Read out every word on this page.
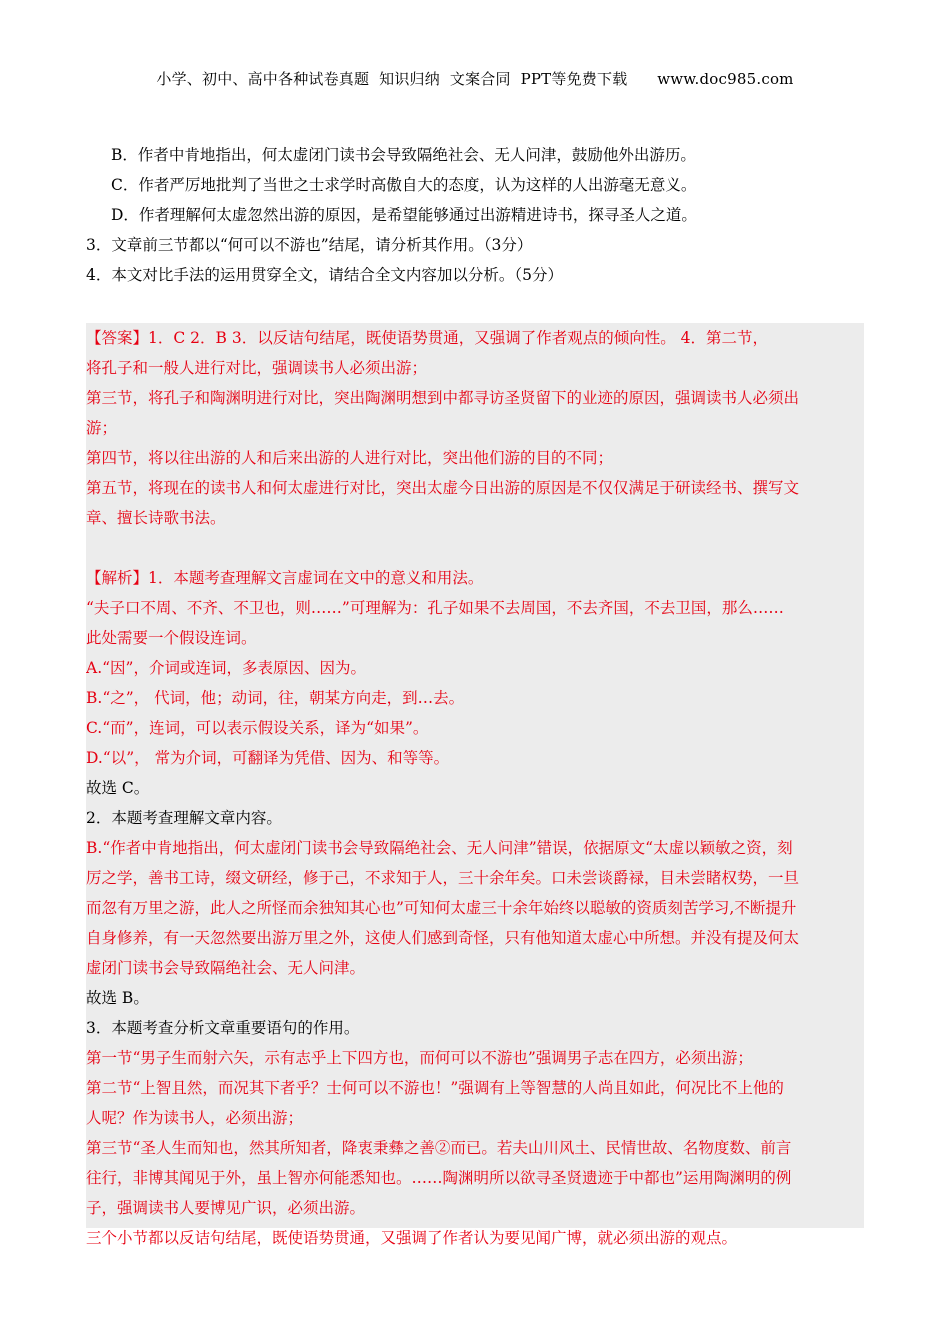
小学、初中、高中各种试卷真题  知识归纳  文案合同  PPT等免费下载      www.doc985.com
B．作者中肯地指出，何太虚闭门读书会导致隔绝社会、无人问津，鼓励他外出游历。
C．作者严厉地批判了当世之士求学时高傲自大的态度，认为这样的人出游毫无意义。
D．作者理解何太虚忽然出游的原因，是希望能够通过出游精进诗书，探寻圣人之道。
3．文章前三节都以“何可以不游也”结尾，请分析其作用。（3分）
4．本文对比手法的运用贯穿全文，请结合全文内容加以分析。（5分）
【答案】1．C 2．B 3．以反诘句结尾，既使语势贯通，又强调了作者观点的倾向性。 4．第二节，
将孔子和一般人进行对比，强调读书人必须出游；
第三节，将孔子和陶渊明进行对比，突出陶渊明想到中都寻访圣贤留下的业迹的原因，强调读书人必须出
游；
第四节，将以往出游的人和后来出游的人进行对比，突出他们游的目的不同；
第五节，将现在的读书人和何太虚进行对比，突出太虚今日出游的原因是不仅仅满足于研读经书、撰写文
章、擅长诗歌书法。
【解析】1．本题考查理解文言虚词在文中的意义和用法。
“夫子口不周、不齐、不卫也，则……”可理解为：孔子如果不去周国，不去齐国，不去卫国，那么……
此处需要一个假设连词。
A.“因”，介词或连词，多表原因、因为。
B.“之”， 代词，他；动词，往，朝某方向走，到…去。
C.“而”，连词，可以表示假设关系，译为“如果”。
D.“以”， 常为介词，可翻译为凭借、因为、和等等。
故选 C。
2．本题考查理解文章内容。
B.“作者中肯地指出，何太虚闭门读书会导致隔绝社会、无人问津”错误，依据原文“太虚以颖敏之资，刻
厉之学，善书工诗，缀文研经，修于己，不求知于人，三十余年矣。口未尝谈爵禄，目未尝睹权势，一旦
而忽有万里之游，此人之所怪而余独知其心也”可知何太虚三十余年始终以聪敏的资质刻苦学习,不断提升
自身修养，有一天忽然要出游万里之外，这使人们感到奇怪，只有他知道太虚心中所想。并没有提及何太
虚闭门读书会导致隔绝社会、无人问津。
故选 B。
3．本题考查分析文章重要语句的作用。
第一节“男子生而射六矢，示有志乎上下四方也，而何可以不游也”强调男子志在四方，必须出游；
第二节“上智且然，而况其下者乎？士何可以不游也！”强调有上等智慧的人尚且如此，何况比不上他的
人呢？作为读书人，必须出游；
第三节“圣人生而知也，然其所知者，降衷秉彝之善②而已。若夫山川风土、民情世故、名物度数、前言
往行，非博其闻见于外，虽上智亦何能悉知也。……陶渊明所以欲寻圣贤遗迹于中都也”运用陶渊明的例
子，强调读书人要博见广识，必须出游。
三个小节都以反诘句结尾，既使语势贯通，又强调了作者认为要见闻广博，就必须出游的观点。
